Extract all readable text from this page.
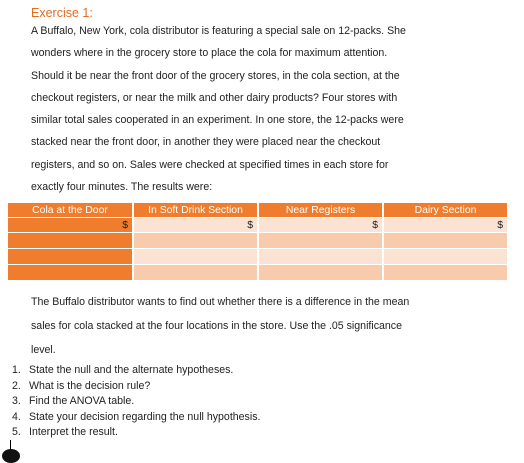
Exercise 1:
A Buffalo, New York, cola distributor is featuring a special sale on 12-packs. She
wonders where in the grocery store to place the cola for maximum attention.
Should it be near the front door of the grocery stores, in the cola section, at the
checkout registers, or near the milk and other dairy products? Four stores with
similar total sales cooperated in an experiment. In one store, the 12-packs were
stacked near the front door, in another they were placed near the checkout
registers, and so on. Sales were checked at specified times in each store for
exactly four minutes. The results were:
Cola at the Door	In Soft Drink Section	Near Registers	Dairy Section
$	$	$	$

The Buffalo distributor wants to find out whether there is a difference in the mean
sales for cola stacked at the four locations in the store. Use the .05 significance
level.
1. State the null and the alternate hypotheses.
2. What is the decision rule?
3. Find the ANOVA table.
4. State your decision regarding the null hypothesis.
5. Interpret the result.
